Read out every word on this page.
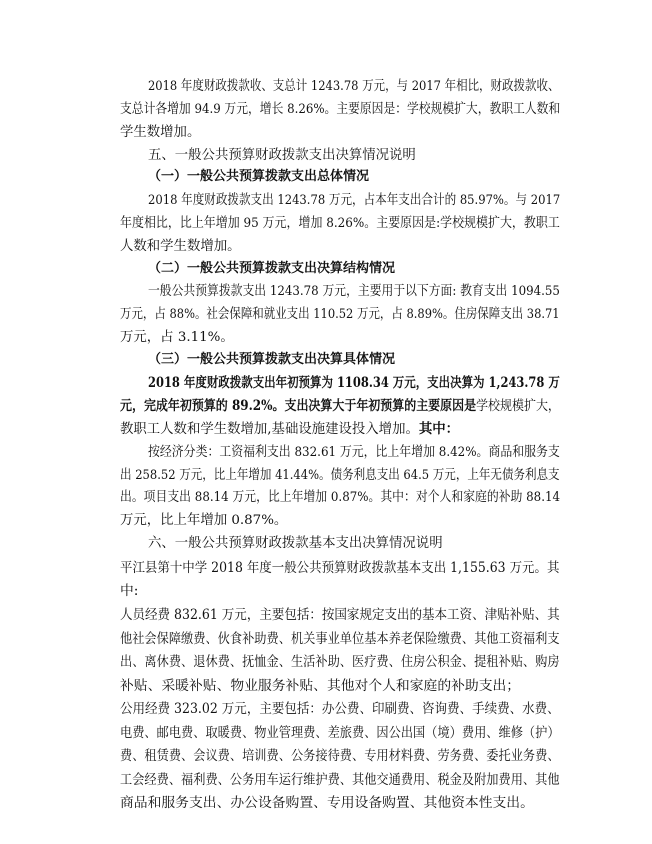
2018 年度财政拨款收、支总计 1243.78 万元，与 2017 年相比，财政拨款收、
支总计各增加 94.9 万元，增长 8.26%。主要原因是：学校规模扩大，教职工人数和
学生数增加。
五、一般公共预算财政拨款支出决算情况说明
（一）一般公共预算拨款支出总体情况
2018 年度财政拨款支出 1243.78 万元，占本年支出合计的 85.97%。与 2017
年度相比，比上年增加 95 万元，增加 8.26%。主要原因是:学校规模扩大，教职工
人数和学生数增加。
（二）一般公共预算拨款支出决算结构情况
一般公共预算拨款支出 1243.78 万元，主要用于以下方面: 教育支出 1094.55
万元，占 88%。社会保障和就业支出 110.52 万元，占 8.89%。住房保障支出 38.71
万元，占 3.11%。
（三）一般公共预算拨款支出决算具体情况
2018 年度财政拨款支出年初预算为 1108.34 万元，支出决算为 1,243.78 万
元，完成年初预算的 89.2%。支出决算大于年初预算的主要原因是学校规模扩大，
教职工人数和学生数增加,基础设施建设投入增加。其中：
按经济分类：工资福利支出 832.61 万元，比上年增加 8.42%。商品和服务支
出 258.52 万元，比上年增加 41.44%。债务利息支出 64.5 万元，上年无债务利息支
出。项目支出 88.14 万元，比上年增加 0.87%。其中：对个人和家庭的补助 88.14
万元，比上年增加 0.87%。
六、一般公共预算财政拨款基本支出决算情况说明
平江县第十中学 2018 年度一般公共预算财政拨款基本支出 1,155.63 万元。其
中:
人员经费 832.61 万元，主要包括：按国家规定支出的基本工资、津贴补贴、其
他社会保障缴费、伙食补助费、机关事业单位基本养老保险缴费、其他工资福利支
出、离休费、退休费、抚恤金、生活补助、医疗费、住房公积金、提租补贴、购房
补贴、采暖补贴、物业服务补贴、其他对个人和家庭的补助支出；
公用经费 323.02 万元，主要包括：办公费、印刷费、咨询费、手续费、水费、
电费、邮电费、取暖费、物业管理费、差旅费、因公出国（境）费用、维修（护）
费、租赁费、会议费、培训费、公务接待费、专用材料费、劳务费、委托业务费、
工会经费、福利费、公务用车运行维护费、其他交通费用、税金及附加费用、其他
商品和服务支出、办公设备购置、专用设备购置、其他资本性支出。
